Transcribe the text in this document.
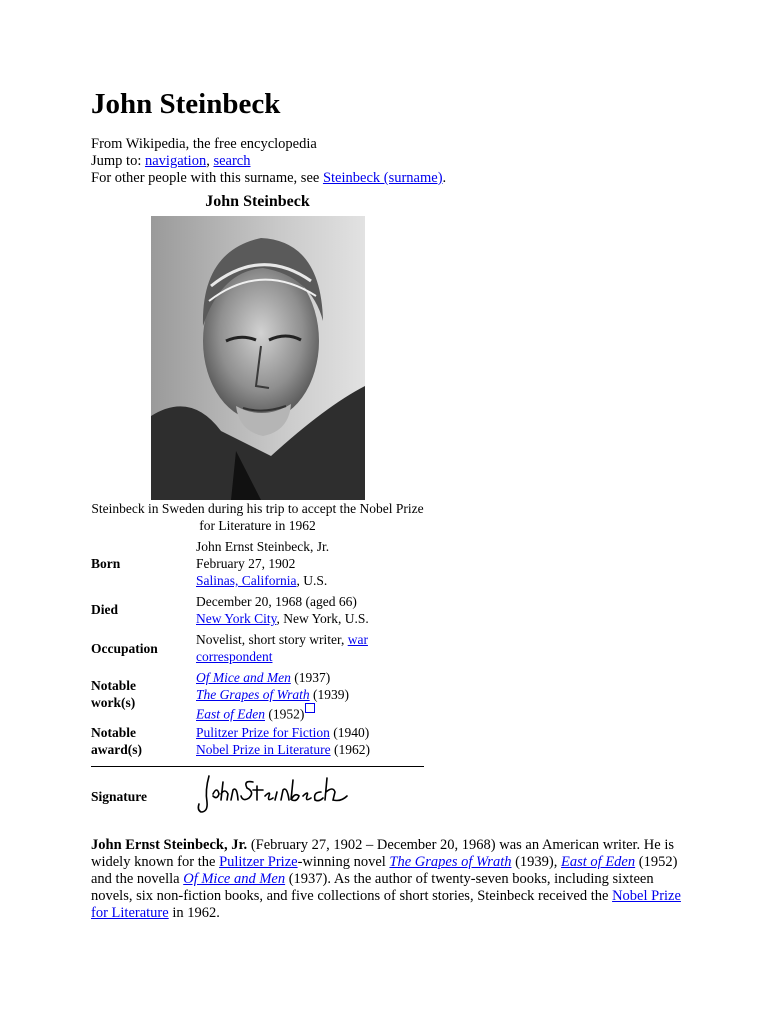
John Steinbeck
From Wikipedia, the free encyclopedia
Jump to: navigation, search
For other people with this surname, see Steinbeck (surname).
John Steinbeck
Steinbeck in Sweden during his trip to accept the Nobel Prize for Literature in 1962
Born
John Ernst Steinbeck, Jr.
February 27, 1902
Salinas, California, U.S.
Died
December 20, 1968 (aged 66)
New York City, New York, U.S.
Occupation
Novelist, short story writer, war
correspondent
Notable
work(s)
Of Mice and Men (1937)
The Grapes of Wrath (1939)
East of Eden (1952)
Notable
award(s)
Pulitzer Prize for Fiction (1940)
Nobel Prize in Literature (1962)
Signature
John Ernst Steinbeck, Jr. (February 27, 1902 – December 20, 1968) was an American writer. He is widely known for the Pulitzer Prize-winning novel The Grapes of Wrath (1939), East of Eden (1952) and the novella Of Mice and Men (1937). As the author of twenty-seven books, including sixteen novels, six non-fiction books, and five collections of short stories, Steinbeck received the Nobel Prize for Literature in 1962.
